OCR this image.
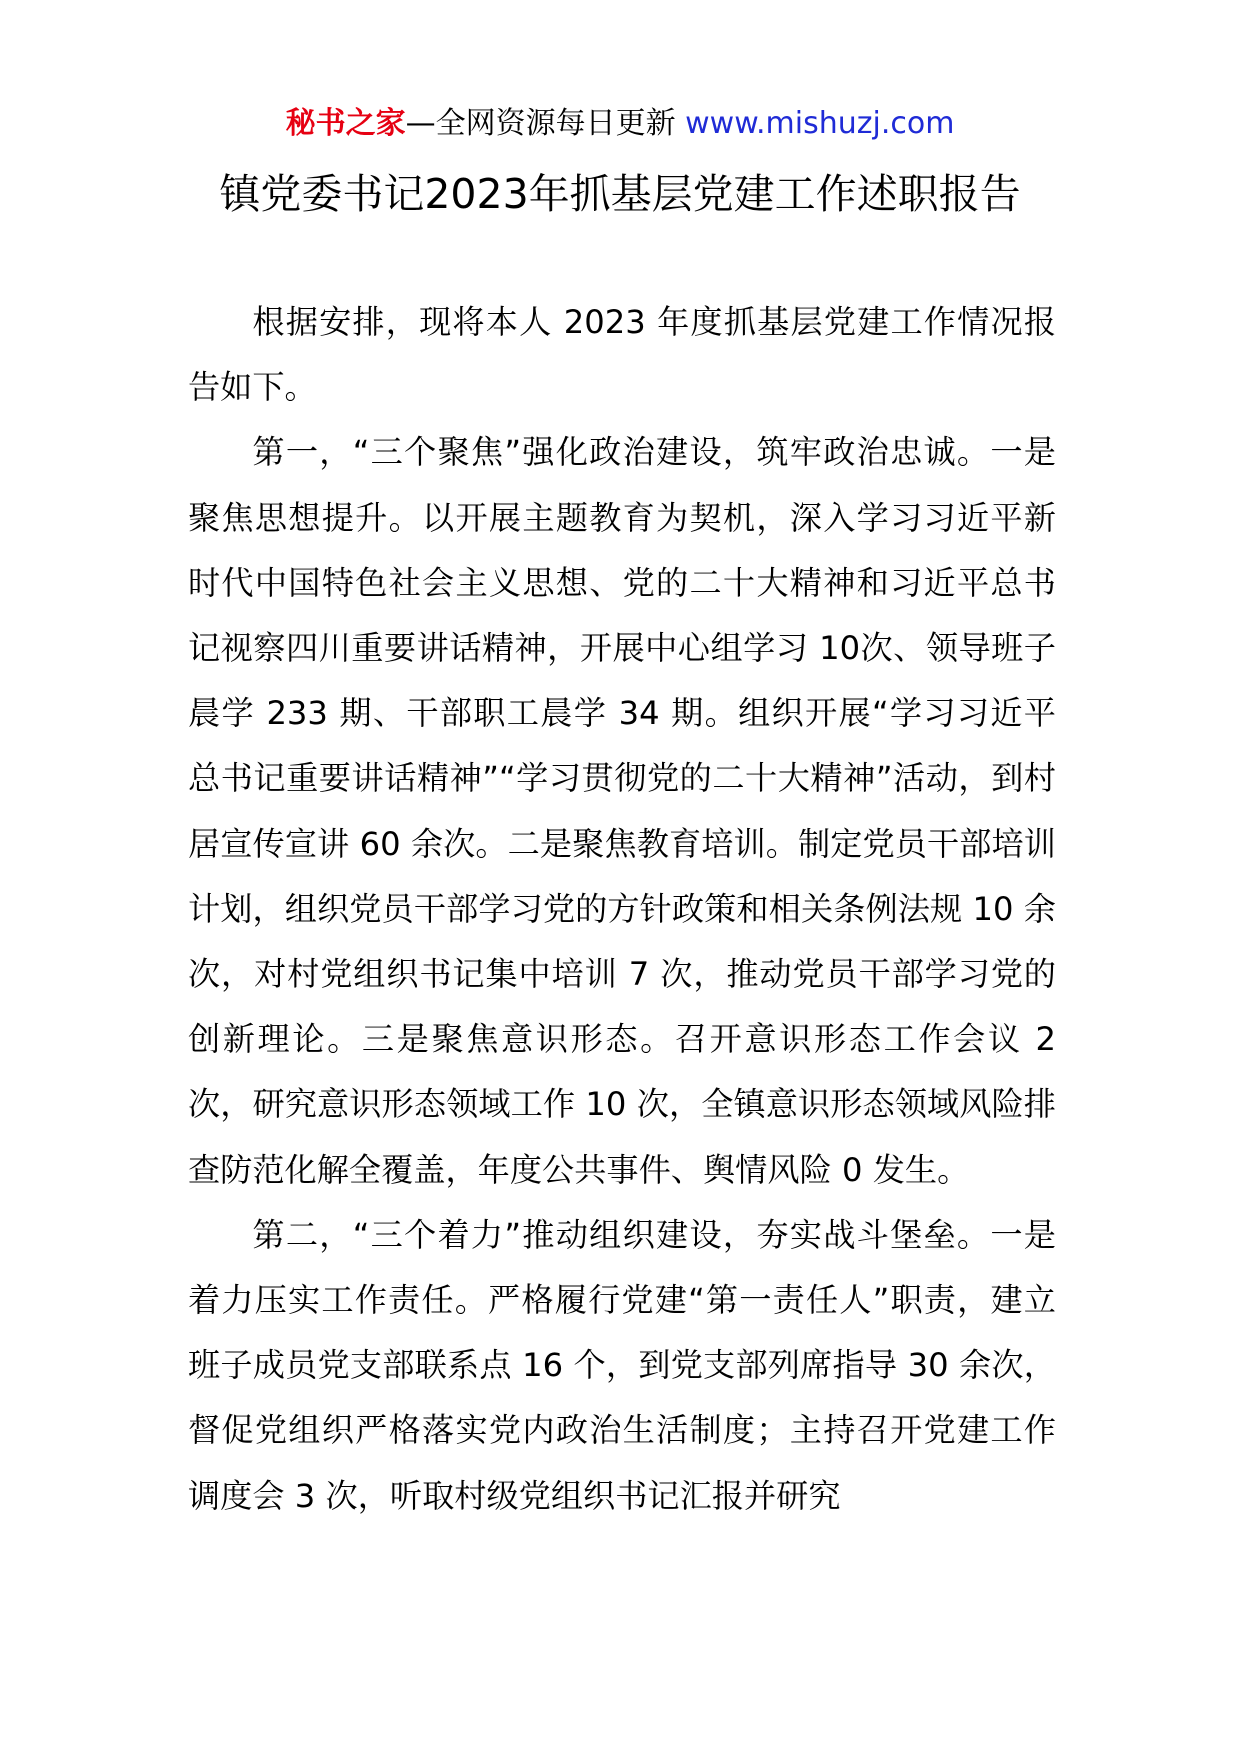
秘书之家—全网资源每日更新 www.mishuzj.com
镇党委书记2023年抓基层党建工作述职报告

根据安排，现将本人 2023 年度抓基层党建工作情况报告如下。

第一，“三个聚焦”强化政治建设，筑牢政治忠诚。一是聚焦思想提升。以开展主题教育为契机，深入学习习近平新时代中国特色社会主义思想、党的二十大精神和习近平总书记视察四川重要讲话精神，开展中心组学习 10次、领导班子晨学 233 期、干部职工晨学 34 期。组织开展“学习习近平总书记重要讲话精神”“学习贯彻党的二十大精神”活动，到村居宣传宣讲 60 余次。二是聚焦教育培训。制定党员干部培训计划，组织党员干部学习党的方针政策和相关条例法规 10 余次，对村党组织书记集中培训 7 次，推动党员干部学习党的创新理论。三是聚焦意识形态。召开意识形态工作会议 2 次，研究意识形态领域工作 10 次，全镇意识形态领域风险排查防范化解全覆盖，年度公共事件、舆情风险 0 发生。

第二，“三个着力”推动组织建设，夯实战斗堡垒。一是着力压实工作责任。严格履行党建“第一责任人”职责，建立班子成员党支部联系点 16 个，到党支部列席指导 30 余次，督促党组织严格落实党内政治生活制度；主持召开党建工作调度会 3 次，听取村级党组织书记汇报并研究
